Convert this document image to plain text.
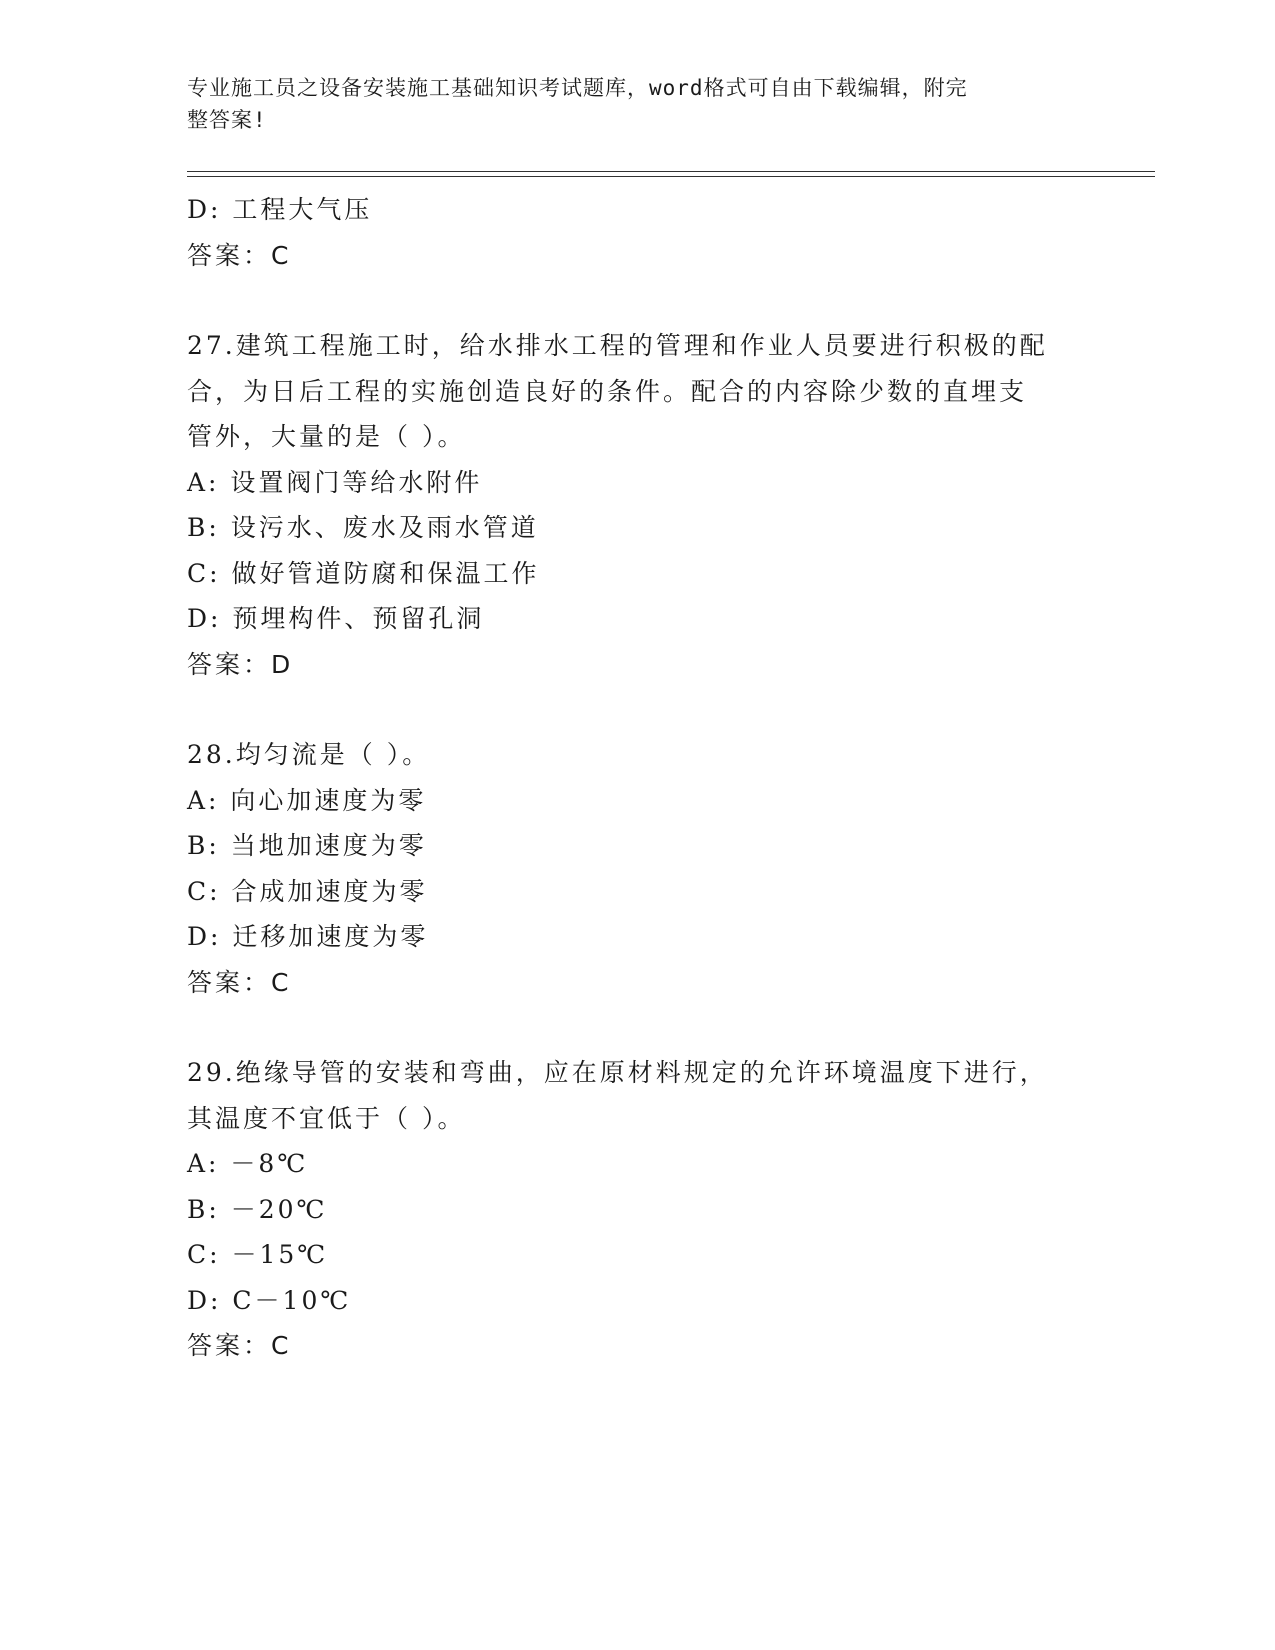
专业施工员之设备安装施工基础知识考试题库，word格式可自由下载编辑，附完
整答案!
D: 工程大气压
答案：C
27.建筑工程施工时，给水排水工程的管理和作业人员要进行积极的配
合，为日后工程的实施创造良好的条件。配合的内容除少数的直埋支
管外，大量的是（ ）。
A: 设置阀门等给水附件
B: 设污水、废水及雨水管道
C: 做好管道防腐和保温工作
D: 预埋构件、预留孔洞
答案：D
28.均匀流是（ ）。
A: 向心加速度为零
B: 当地加速度为零
C: 合成加速度为零
D: 迁移加速度为零
答案：C
29.绝缘导管的安装和弯曲，应在原材料规定的允许环境温度下进行，
其温度不宜低于（ ）。
A: －8℃
B: －20℃
C: －15℃
D: C－10℃
答案：C
